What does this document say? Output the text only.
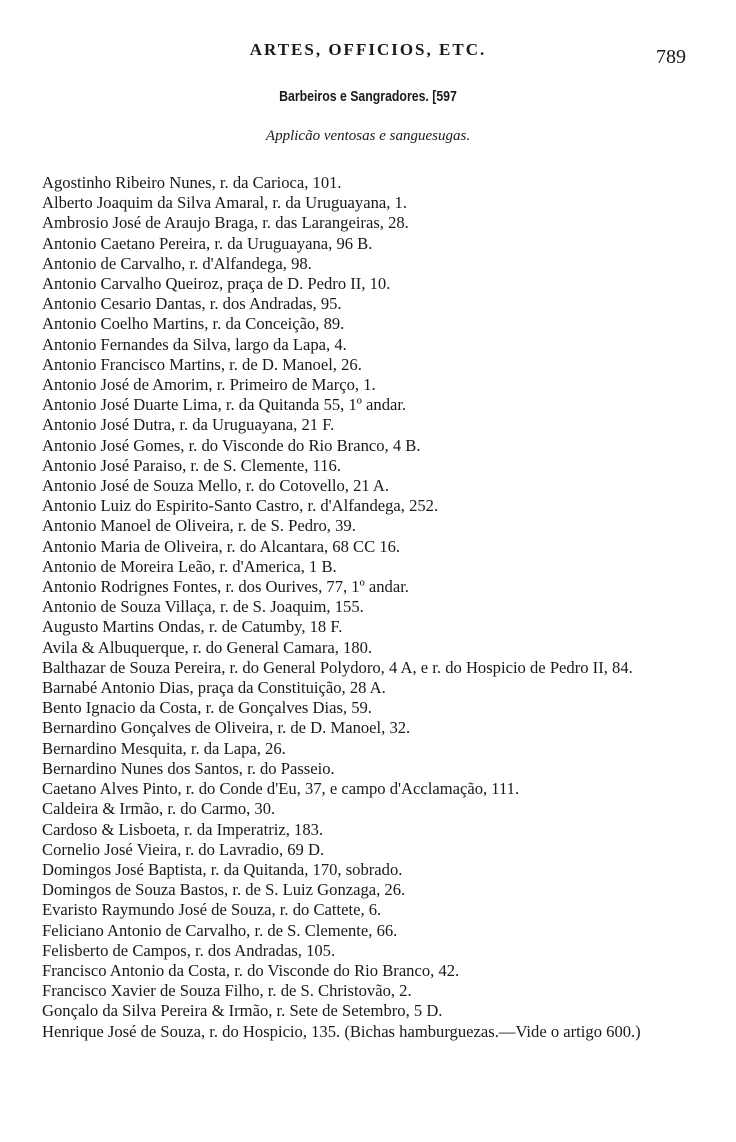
ARTES, OFFICIOS, ETC.	789
Barbeiros e Sangradores. [597
Applicão ventosas e sanguesugas.
Agostinho Ribeiro Nunes, r. da Carioca, 101.
Alberto Joaquim da Silva Amaral, r. da Uruguayana, 1.
Ambrosio José de Araujo Braga, r. das Larangeiras, 28.
Antonio Caetano Pereira, r. da Uruguayana, 96 B.
Antonio de Carvalho, r. d'Alfandega, 98.
Antonio Carvalho Queiroz, praça de D. Pedro II, 10.
Antonio Cesario Dantas, r. dos Andradas, 95.
Antonio Coelho Martins, r. da Conceição, 89.
Antonio Fernandes da Silva, largo da Lapa, 4.
Antonio Francisco Martins, r. de D. Manoel, 26.
Antonio José de Amorim, r. Primeiro de Março, 1.
Antonio José Duarte Lima, r. da Quitanda 55, 1º andar.
Antonio José Dutra, r. da Uruguayana, 21 F.
Antonio José Gomes, r. do Visconde do Rio Branco, 4 B.
Antonio José Paraiso, r. de S. Clemente, 116.
Antonio José de Souza Mello, r. do Cotovello, 21 A.
Antonio Luiz do Espirito-Santo Castro, r. d'Alfandega, 252.
Antonio Manoel de Oliveira, r. de S. Pedro, 39.
Antonio Maria de Oliveira, r. do Alcantara, 68 CC 16.
Antonio de Moreira Leão, r. d'America, 1 B.
Antonio Rodrignes Fontes, r. dos Ourives, 77, 1º andar.
Antonio de Souza Villaça, r. de S. Joaquim, 155.
Augusto Martins Ondas, r. de Catumby, 18 F.
Avila & Albuquerque, r. do General Camara, 180.
Balthazar de Souza Pereira, r. do General Polydoro, 4 A, e r. do Hospicio de Pedro II, 84.
Barnabé Antonio Dias, praça da Constituição, 28 A.
Bento Ignacio da Costa, r. de Gonçalves Dias, 59.
Bernardino Gonçalves de Oliveira, r. de D. Manoel, 32.
Bernardino Mesquita, r. da Lapa, 26.
Bernardino Nunes dos Santos, r. do Passeio.
Caetano Alves Pinto, r. do Conde d'Eu, 37, e campo d'Acclamação, 111.
Caldeira & Irmão, r. do Carmo, 30.
Cardoso & Lisboeta, r. da Imperatriz, 183.
Cornelio José Vieira, r. do Lavradio, 69 D.
Domingos José Baptista, r. da Quitanda, 170, sobrado.
Domingos de Souza Bastos, r. de S. Luiz Gonzaga, 26.
Evaristo Raymundo José de Souza, r. do Cattete, 6.
Feliciano Antonio de Carvalho, r. de S. Clemente, 66.
Felisberto de Campos, r. dos Andradas, 105.
Francisco Antonio da Costa, r. do Visconde do Rio Branco, 42.
Francisco Xavier de Souza Filho, r. de S. Christovão, 2.
Gonçalo da Silva Pereira & Irmão, r. Sete de Setembro, 5 D.
Henrique José de Souza, r. do Hospicio, 135. (Bichas hamburguezas.—Vide o artigo 600.)
